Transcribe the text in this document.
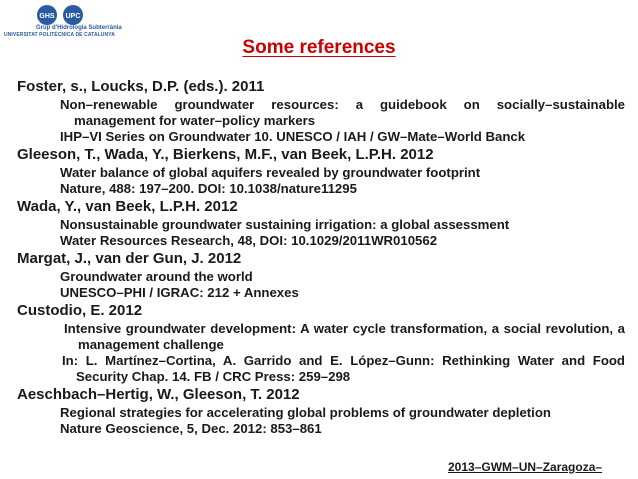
GHS UPC
Grup d'Hidrologia Subterrània
UNIVERSITAT POLITÈCNICA DE CATALUNYA
Some references
Foster, s., Loucks, D.P. (eds.). 2011
Non–renewable groundwater resources: a guidebook on socially–sustainable management for water–policy markers
IHP–VI Series on Groundwater 10. UNESCO / IAH / GW–Mate–World Banck
Gleeson, T., Wada, Y., Bierkens, M.F., van Beek, L.P.H. 2012
Water balance of global aquifers revealed by groundwater footprint
Nature, 488: 197–200. DOI: 10.1038/nature11295
Wada, Y., van Beek, L.P.H. 2012
Nonsustainable groundwater sustaining irrigation: a global assessment
Water Resources Research, 48, DOI: 10.1029/2011WR010562
Margat, J., van der Gun, J. 2012
Groundwater around the world
UNESCO–PHI / IGRAC: 212 + Annexes
Custodio, E. 2012
Intensive groundwater development: A water cycle transformation, a social revolution, a management challenge
In: L. Martínez–Cortina, A. Garrido and E. López–Gunn: Rethinking Water and Food Security Chap. 14. FB / CRC Press: 259–298
Aeschbach–Hertig, W., Gleeson, T. 2012
Regional strategies for accelerating global problems of groundwater depletion
Nature Geoscience, 5, Dec. 2012: 853–861
2013–GWM–UN–Zaragoza–
